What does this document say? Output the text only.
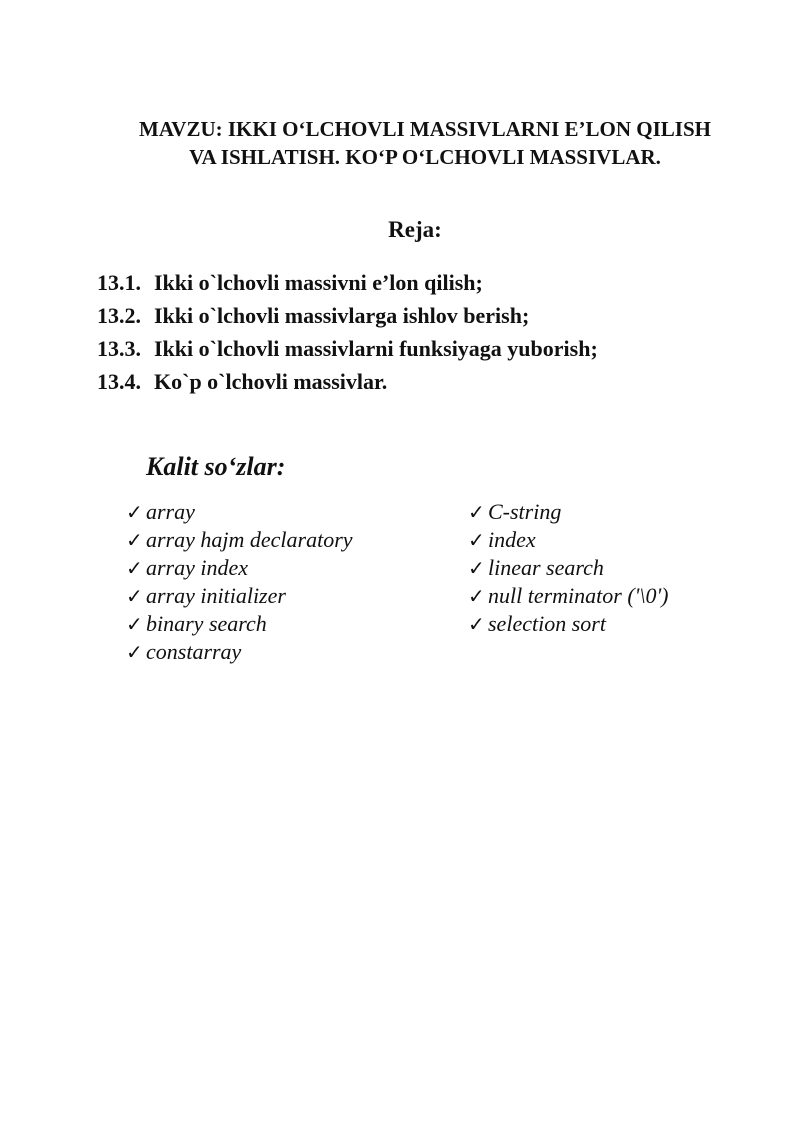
MAVZU: IKKI O‘LCHOVLI MASSIVLARNI E’LON QILISH
VA ISHLATISH. KO‘P O‘LCHOVLI MASSIVLAR.
Reja:
13.1. Ikki o`lchovli massivni e’lon qilish;
13.2. Ikki o`lchovli massivlarga ishlov berish;
13.3. Ikki o`lchovli massivlarni funksiyaga yuborish;
13.4. Ko`p o`lchovli massivlar.
Kalit so‘zlar:
✓ array
✓ array hajm declaratory
✓ array index
✓ array initializer
✓ binary search
✓ constarray
✓ C-string
✓ index
✓ linear search
✓ null terminator ('\0')
✓ selection sort
